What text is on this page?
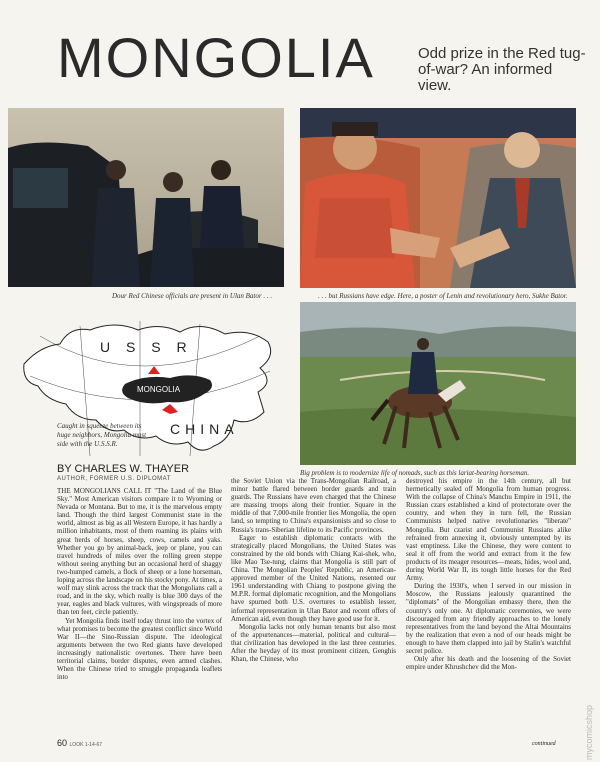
MONGOLIA	Odd prize in the Red tug-of-war? An informed view.
Dour Red Chinese officials are present in Ulan Bator . . .	. . . but Russians have edge. Here, a poster of Lenin and revolutionary hero, Sukhe Bator.
U S S R
MONGOLIA
CHINA
Caught in squeeze between its huge neighbors, Mongolia must side with the U.S.S.R.
Big problem is to modernize life of nomads, such as this lariat-bearing horseman.
BY CHARLES W. THAYER
AUTHOR, FORMER U.S. DIPLOMAT

THE MONGOLIANS CALL IT "The Land of the Blue Sky." Most American visitors compare it to Wyoming or Nevada or Montana. But to me, it is the marvelous empty land. Though the third largest Communist state in the world, almost as big as all Western Europe, it has hardly a million inhabitants, most of them roaming its plains with great herds of horses, sheep, cows, camels and yaks. Whether you go by animal-back, jeep or plane, you can travel hundreds of miles over the rolling green steppe without seeing anything but an occasional herd of shaggy two-humped camels, a flock of sheep or a lone horseman, loping across the landscape on his stocky pony. At times, a wolf may slink across the track that the Mongolians call a road, and in the sky, which really is blue 300 days of the year, eagles and black vultures, with wingspreads of more than ten feet, circle patiently.

Yet Mongolia finds itself today thrust into the vortex of what promises to become the greatest conflict since World War II—the Sino-Russian dispute. The ideological arguments between the two Red giants have developed increasingly nationalistic overtones. There have been territorial claims, border disputes, even armed clashes. When the Chinese tried to smuggle propaganda leaflets into

the Soviet Union via the Trans-Mongolian Railroad, a minor battle flared between border guards and train guards. The Russians have even charged that the Chinese are massing troops along their frontier. Square in the middle of that 7,000-mile frontier lies Mongolia, the open land, so tempting to China's expansionists and so close to Russia's trans-Siberian lifeline to its Pacific provinces.

Eager to establish diplomatic contacts with the strategically placed Mongolians, the United States was constrained by the old bonds with Chiang Kai-shek, who, like Mao Tse-tung, claims that Mongolia is still part of China. The Mongolian Peoples' Republic, an American-approved member of the United Nations, resented our 1961 understanding with Chiang to postpone giving the M.P.R. formal diplomatic recognition, and the Mongolians have spurned both U.S. overtures to establish lesser, informal representation in Ulan Bator and recent offers of American aid, even though they have good use for it.

Mongolia lacks not only human tenants but also most of the appurtenances—material, political and cultural—that civilization has developed in the last three centuries. After the heyday of its most prominent citizen, Genghis Khan, the Chinese, who

destroyed his empire in the 14th century, all but hermetically sealed off Mongolia from human progress. With the collapse of China's Manchu Empire in 1911, the Russian czars established a kind of protectorate over the country, and when they in turn fell, the Russian Communists helped native revolutionaries "liberate" Mongolia. But czarist and Communist Russians alike refrained from annexing it, obviously untempted by its vast emptiness. Like the Chinese, they were content to seal it off from the world and extract from it the few products of its meager resources—meats, hides, wool and, during World War II, its tough little horses for the Red Army.

During the 1930's, when I served in our mission in Moscow, the Russians jealously quarantined the "diplomats" of the Mongolian embassy there, then the country's only one. At diplomatic ceremonies, we were discouraged from any friendly approaches to the lonely representatives from the land beyond the Altai Mountains by the realization that even a nod of our heads might be enough to have them clapped into jail by Stalin's watchful secret police.

Only after his death and the loosening of the Soviet empire under Khrushchev did the Mon-

continued
60 LOOK 1-14-67	mycomicshop
